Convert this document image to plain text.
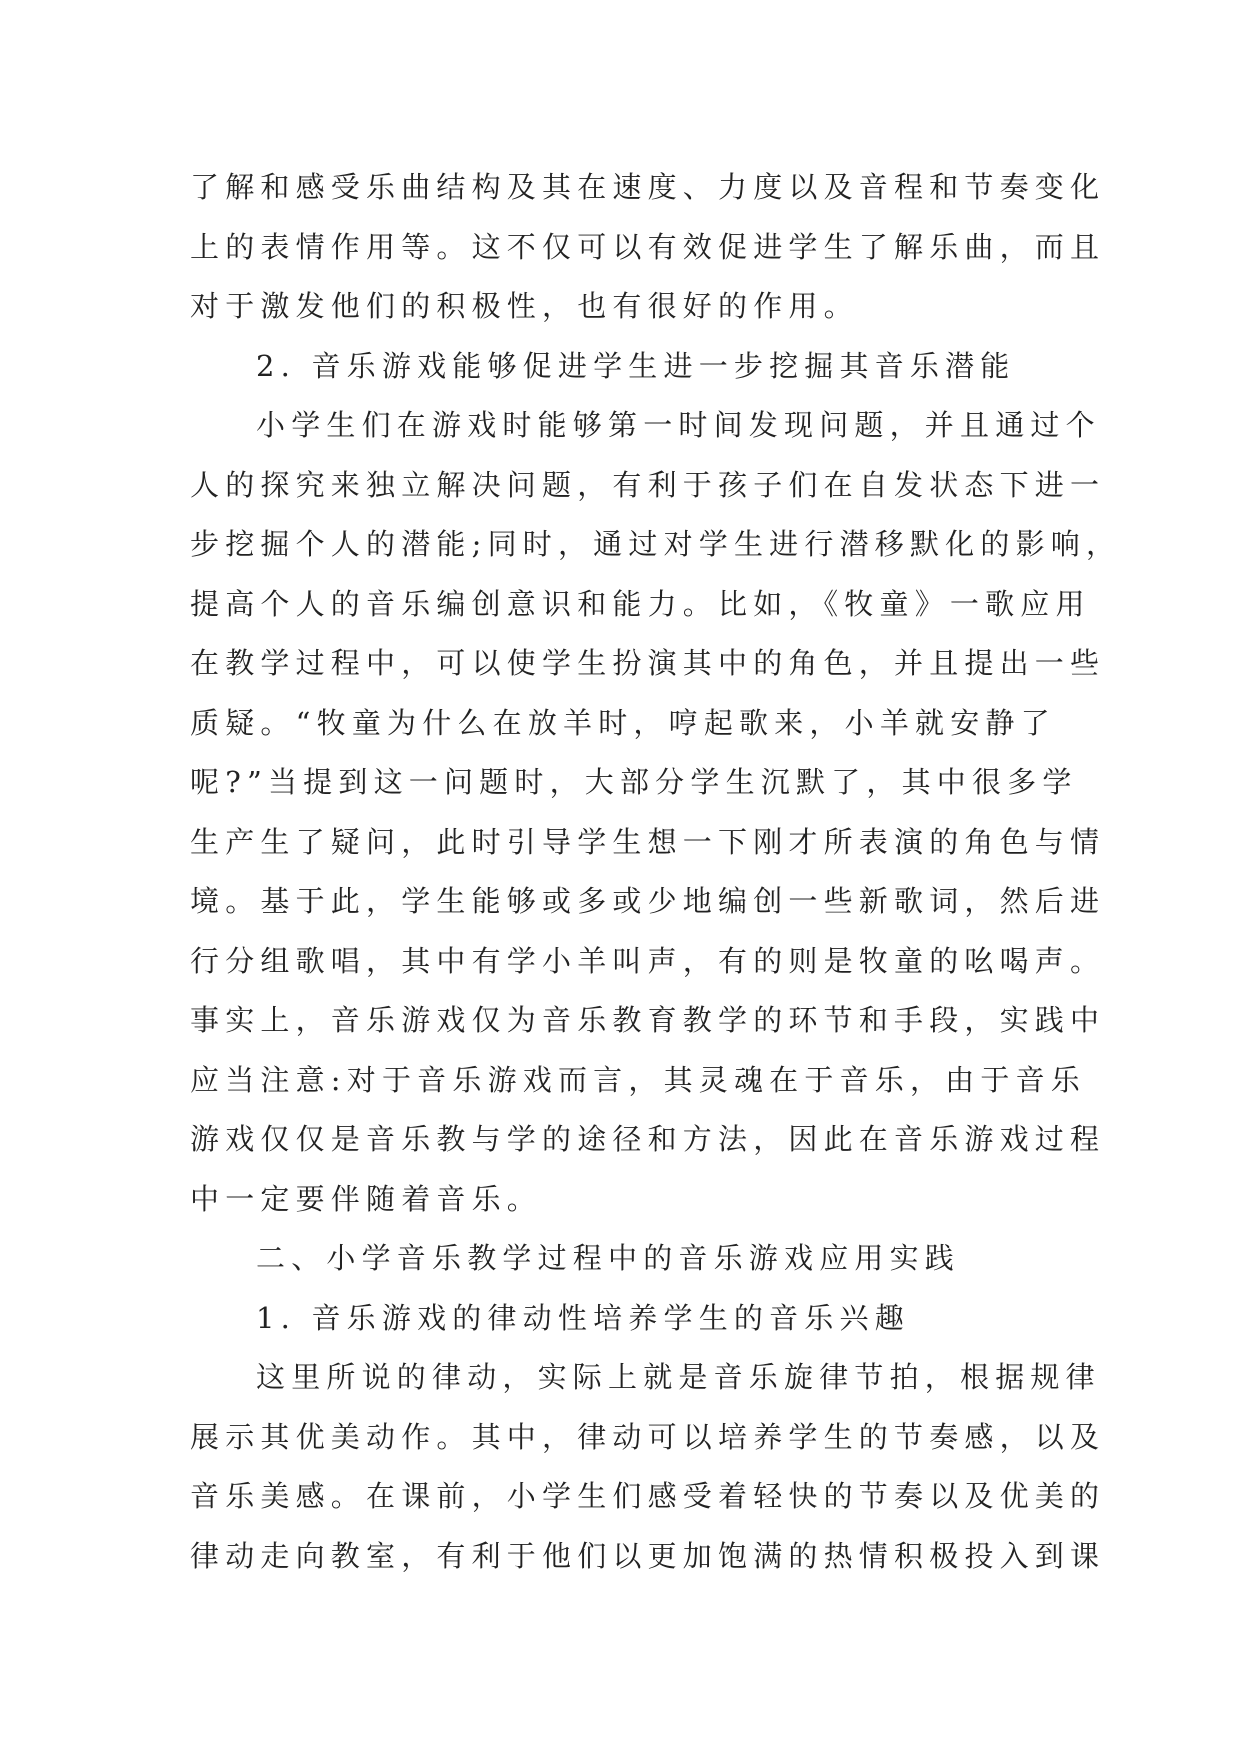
了解和感受乐曲结构及其在速度、力度以及音程和节奏变化
上的表情作用等。这不仅可以有效促进学生了解乐曲，而且
对于激发他们的积极性，也有很好的作用。
2. 音乐游戏能够促进学生进一步挖掘其音乐潜能
小学生们在游戏时能够第一时间发现问题，并且通过个
人的探究来独立解决问题，有利于孩子们在自发状态下进一
步挖掘个人的潜能;同时，通过对学生进行潜移默化的影响，
提高个人的音乐编创意识和能力。比如，《牧童》一歌应用
在教学过程中，可以使学生扮演其中的角色，并且提出一些
质疑。“牧童为什么在放羊时，哼起歌来，小羊就安静了
呢?”当提到这一问题时，大部分学生沉默了，其中很多学
生产生了疑问，此时引导学生想一下刚才所表演的角色与情
境。基于此，学生能够或多或少地编创一些新歌词，然后进
行分组歌唱，其中有学小羊叫声，有的则是牧童的吆喝声。
事实上，音乐游戏仅为音乐教育教学的环节和手段，实践中
应当注意:对于音乐游戏而言，其灵魂在于音乐，由于音乐
游戏仅仅是音乐教与学的途径和方法，因此在音乐游戏过程
中一定要伴随着音乐。
二、小学音乐教学过程中的音乐游戏应用实践
1. 音乐游戏的律动性培养学生的音乐兴趣
这里所说的律动，实际上就是音乐旋律节拍，根据规律
展示其优美动作。其中，律动可以培养学生的节奏感，以及
音乐美感。在课前，小学生们感受着轻快的节奏以及优美的
律动走向教室，有利于他们以更加饱满的热情积极投入到课
